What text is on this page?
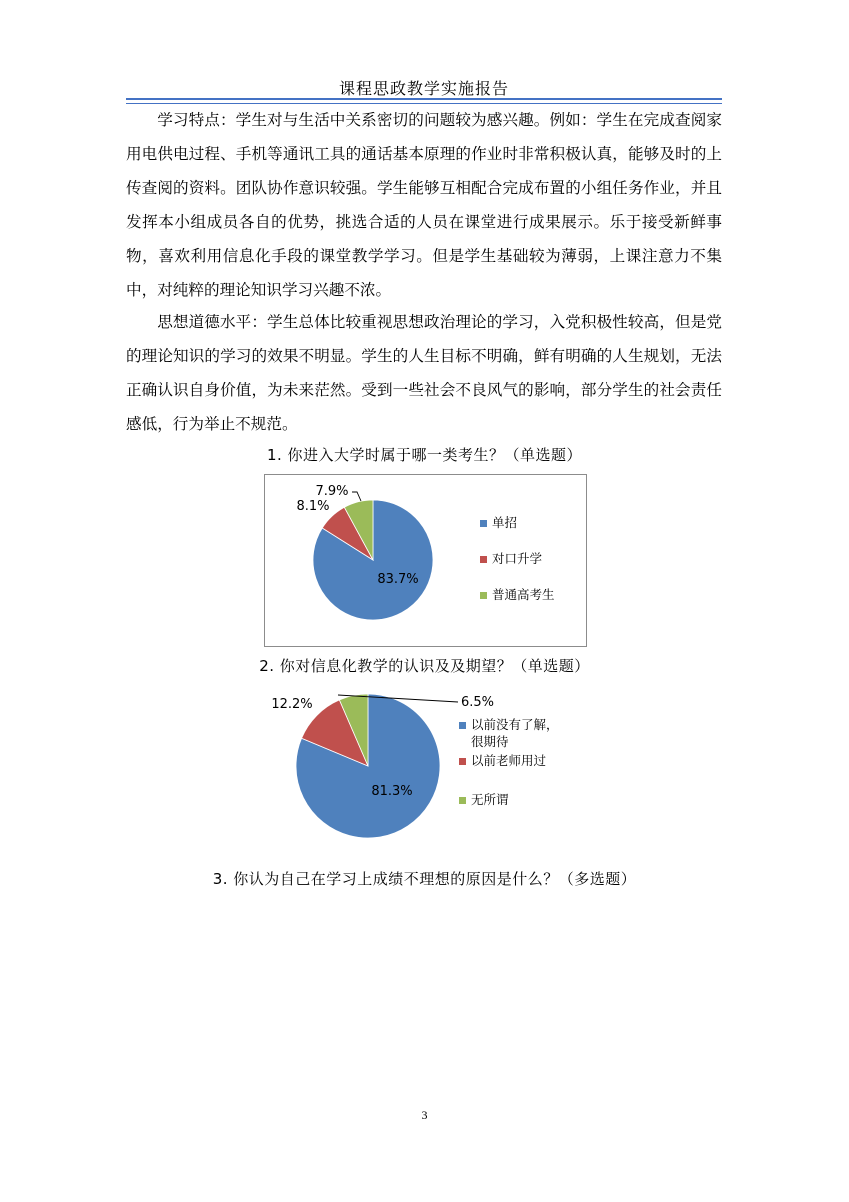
课程思政教学实施报告

学习特点：学生对与生活中关系密切的问题较为感兴趣。例如：学生在完成查阅家用电供电过程、手机等通讯工具的通话基本原理的作业时非常积极认真，能够及时的上传查阅的资料。团队协作意识较强。学生能够互相配合完成布置的小组任务作业，并且发挥本小组成员各自的优势，挑选合适的人员在课堂进行成果展示。乐于接受新鲜事物，喜欢利用信息化手段的课堂教学学习。但是学生基础较为薄弱，上课注意力不集中，对纯粹的理论知识学习兴趣不浓。

思想道德水平：学生总体比较重视思想政治理论的学习，入党积极性较高，但是党的理论知识的学习的效果不明显。学生的人生目标不明确，鲜有明确的人生规划，无法正确认识自身价值，为未来茫然。受到一些社会不良风气的影响，部分学生的社会责任感低，行为举止不规范。

1. 你进入大学时属于哪一类考生？（单选题）
83.7%
8.1%
7.9%
单招
对口升学
普通高考生
2. 你对信息化教学的认识及及期望？（单选题）
81.3%
12.2%	6.5%
以前没有了解，
很期待
以前老师用过
无所谓
3. 你认为自己在学习上成绩不理想的原因是什么？（多选题）
3
